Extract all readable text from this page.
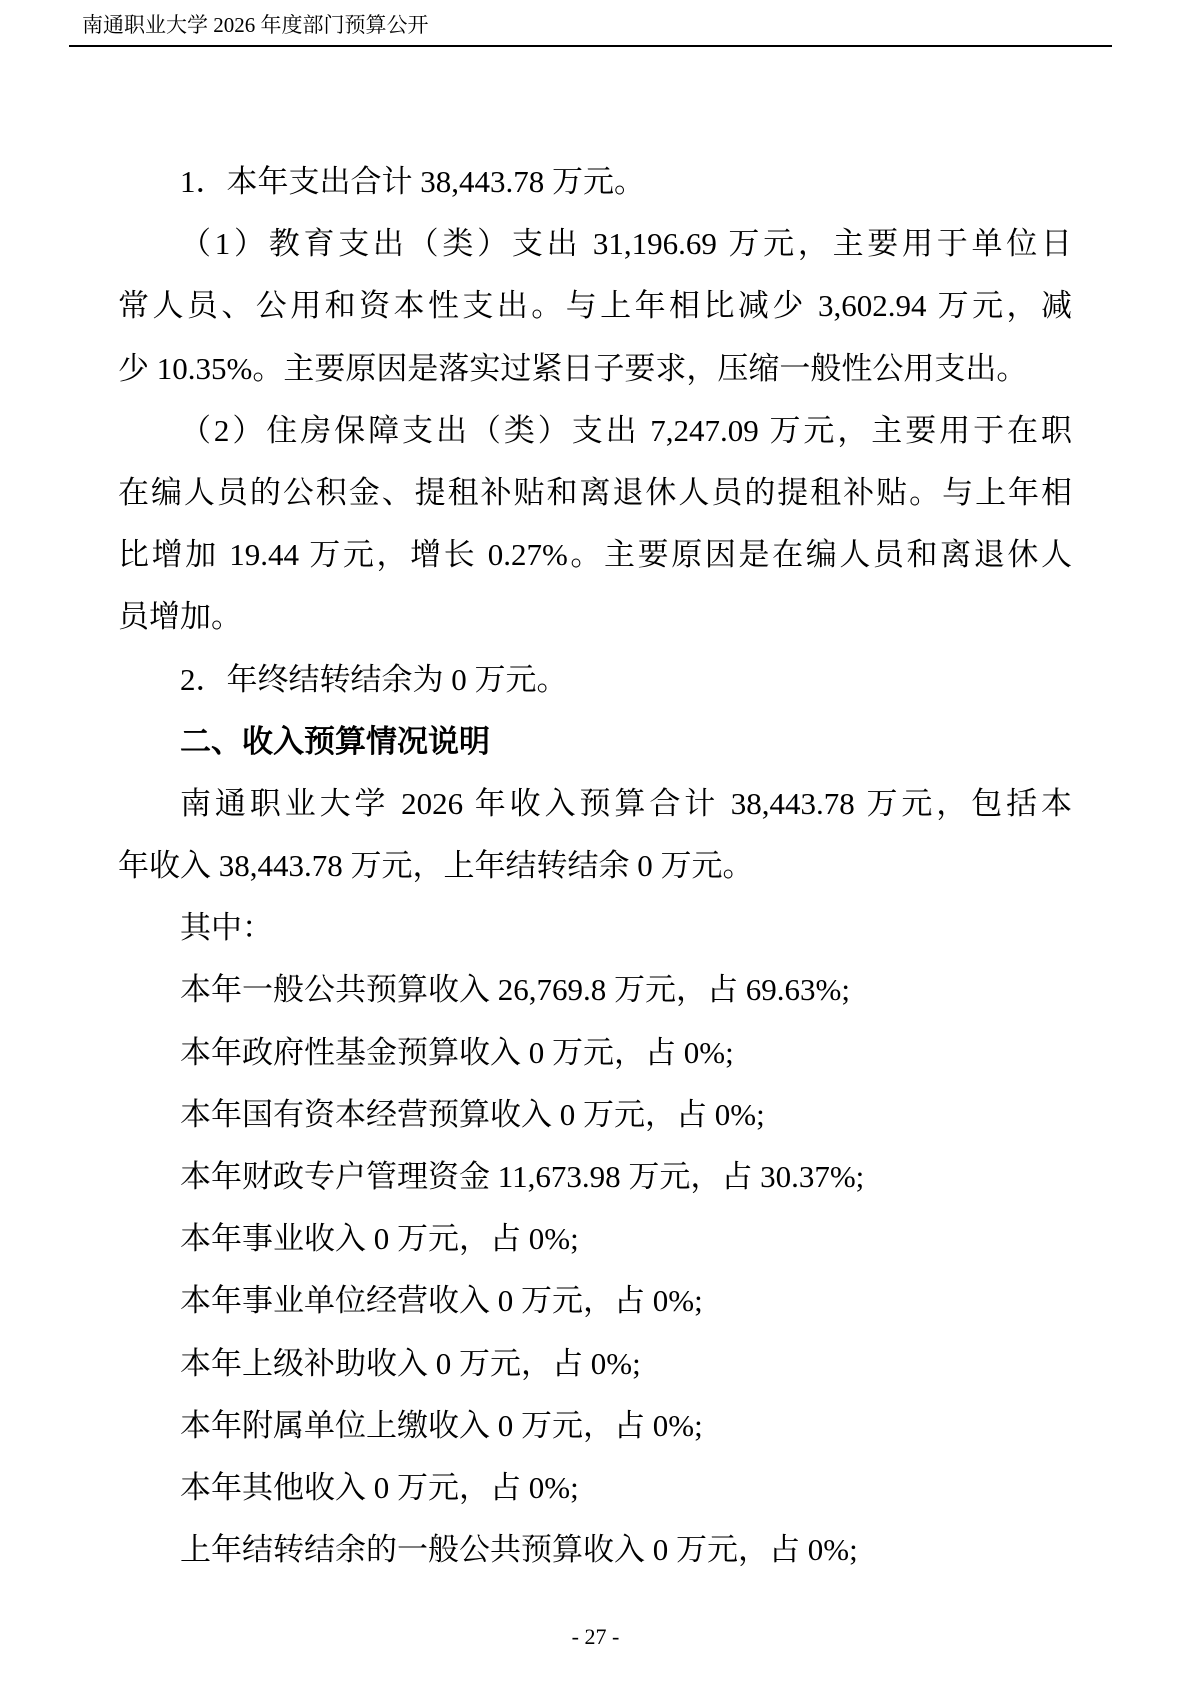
南通职业大学 2026 年度部门预算公开
1．本年支出合计 38,443.78 万元。
（1）教育支出（类）支出 31,196.69 万元，主要用于单位日
常人员、公用和资本性支出。与上年相比减少 3,602.94 万元，减
少 10.35%。主要原因是落实过紧日子要求，压缩一般性公用支出。
（2）住房保障支出（类）支出 7,247.09 万元，主要用于在职
在编人员的公积金、提租补贴和离退休人员的提租补贴。与上年相
比增加 19.44 万元，增长 0.27%。主要原因是在编人员和离退休人
员增加。
2．年终结转结余为 0 万元。
二、收入预算情况说明
南通职业大学 2026 年收入预算合计 38,443.78 万元，包括本
年收入 38,443.78 万元，上年结转结余 0 万元。
其中：
本年一般公共预算收入 26,769.8 万元，占 69.63%;
本年政府性基金预算收入 0 万元，占 0%;
本年国有资本经营预算收入 0 万元，占 0%;
本年财政专户管理资金 11,673.98 万元，占 30.37%;
本年事业收入 0 万元，占 0%;
本年事业单位经营收入 0 万元，占 0%;
本年上级补助收入 0 万元，占 0%;
本年附属单位上缴收入 0 万元，占 0%;
本年其他收入 0 万元，占 0%;
上年结转结余的一般公共预算收入 0 万元，占 0%;
- 27 -
